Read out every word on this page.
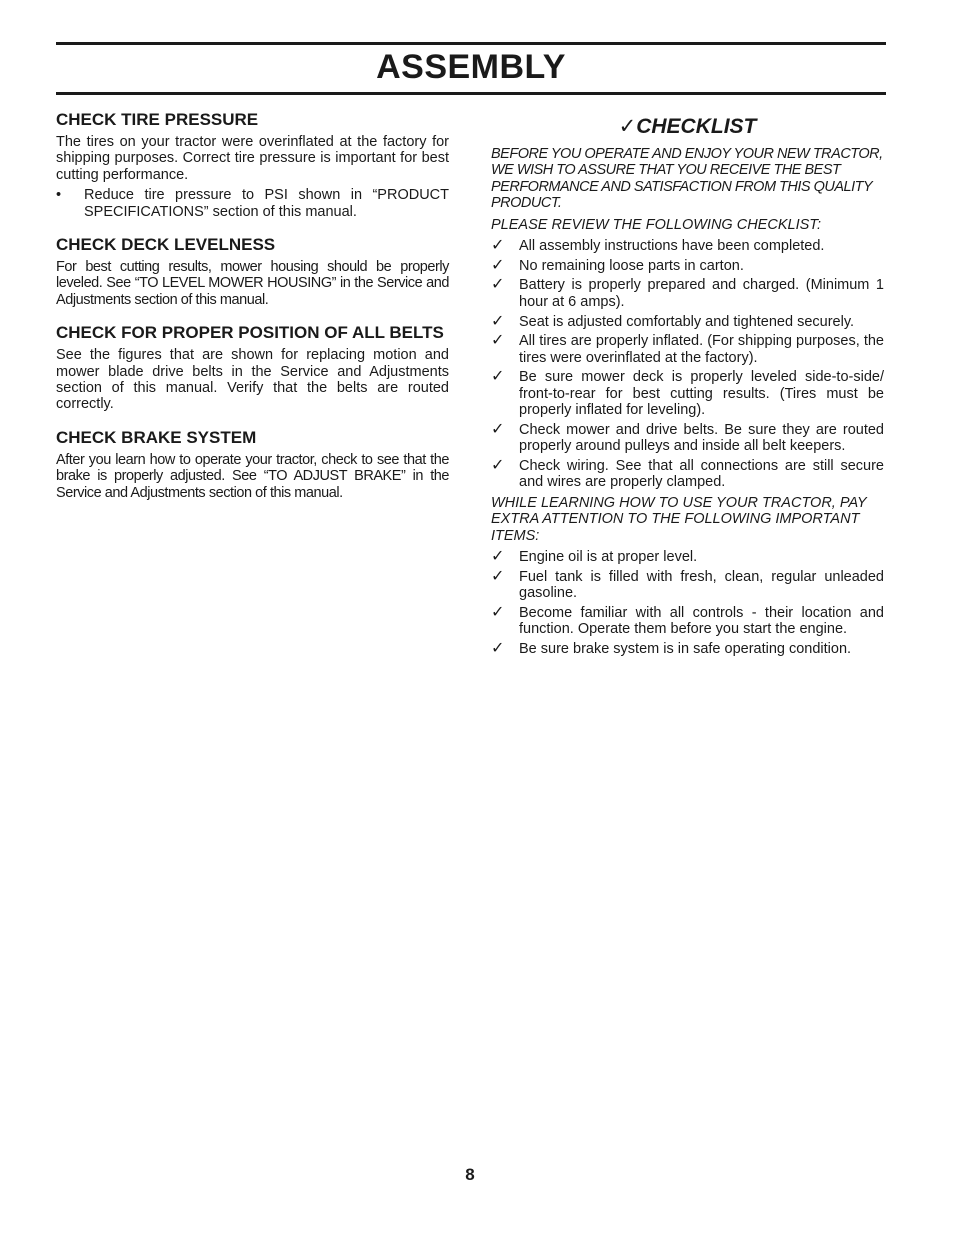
ASSEMBLY
CHECK TIRE PRESSURE

The tires on your tractor were overinflated at the factory for shipping purposes. Correct tire pressure is important for best cutting performance.

•	Reduce tire pressure to PSI shown in “PRODUCT SPECIFICATIONS” section of this manual.
CHECK DECK LEVELNESS

For best cutting results, mower housing should be properly leveled. See “TO LEVEL MOWER HOUSING” in the Service and Adjustments section of this manual.

CHECK FOR PROPER POSITION OF ALL BELTS

See the figures that are shown for replacing motion and mower blade drive belts in the Service and Adjustments section of this manual. Verify that the belts are routed correctly.

CHECK BRAKE SYSTEM

After you learn how to operate your tractor, check to see that the brake is properly adjusted. See “TO ADJUST BRAKE” in the Service and Adjustments section of this manual.

✓CHECKLIST

BEFORE YOU OPERATE AND ENJOY YOUR NEW TRACTOR, WE WISH TO ASSURE THAT YOU RECEIVE THE BEST PERFORMANCE AND SATISFACTION FROM THIS QUALITY PRODUCT.

PLEASE REVIEW THE FOLLOWING CHECKLIST:

✓	All assembly instructions have been completed.
✓	No remaining loose parts in carton.
✓	Battery is properly prepared and charged. (Minimum 1 hour at 6 amps).
✓	Seat is adjusted comfortably and tightened securely.
✓	All tires are properly inflated. (For shipping purposes, the tires were overinflated at the factory).
✓	Be sure mower deck is properly leveled side-to-side/ front-to-rear for best cutting results. (Tires must be properly inflated for leveling).
✓	Check mower and drive belts. Be sure they are routed properly around pulleys and inside all belt keepers.
✓	Check wiring. See that all connections are still secure and wires are properly clamped.

WHILE LEARNING HOW TO USE YOUR TRACTOR, PAY EXTRA ATTENTION TO THE FOLLOWING IMPORTANT ITEMS:

✓	Engine oil is at proper level.
✓	Fuel tank is filled with fresh, clean, regular unleaded gasoline.
✓	Become familiar with all controls - their location and function. Operate them before you start the engine.
✓	Be sure brake system is in safe operating condition.
8
